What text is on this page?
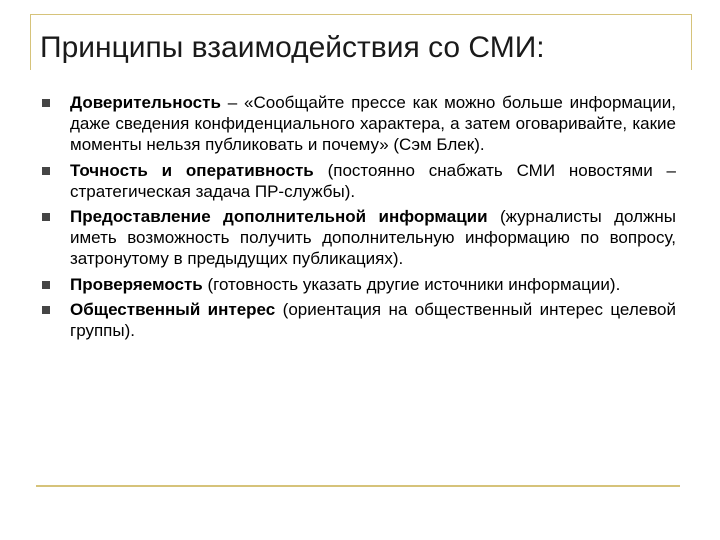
Принципы взаимодействия со СМИ:
Доверительность – «Сообщайте прессе как можно больше информации, даже сведения конфиденциального характера, а затем оговаривайте, какие моменты нельзя публиковать и почему» (Сэм Блек).
Точность и оперативность (постоянно снабжать СМИ новостями – стратегическая задача ПР-службы).
Предоставление дополнительной информации (журналисты должны иметь возможность получить дополнительную информацию по вопросу, затронутому в предыдущих публикациях).
Проверяемость (готовность указать другие источники информации).
Общественный интерес (ориентация на общественный интерес целевой группы).
